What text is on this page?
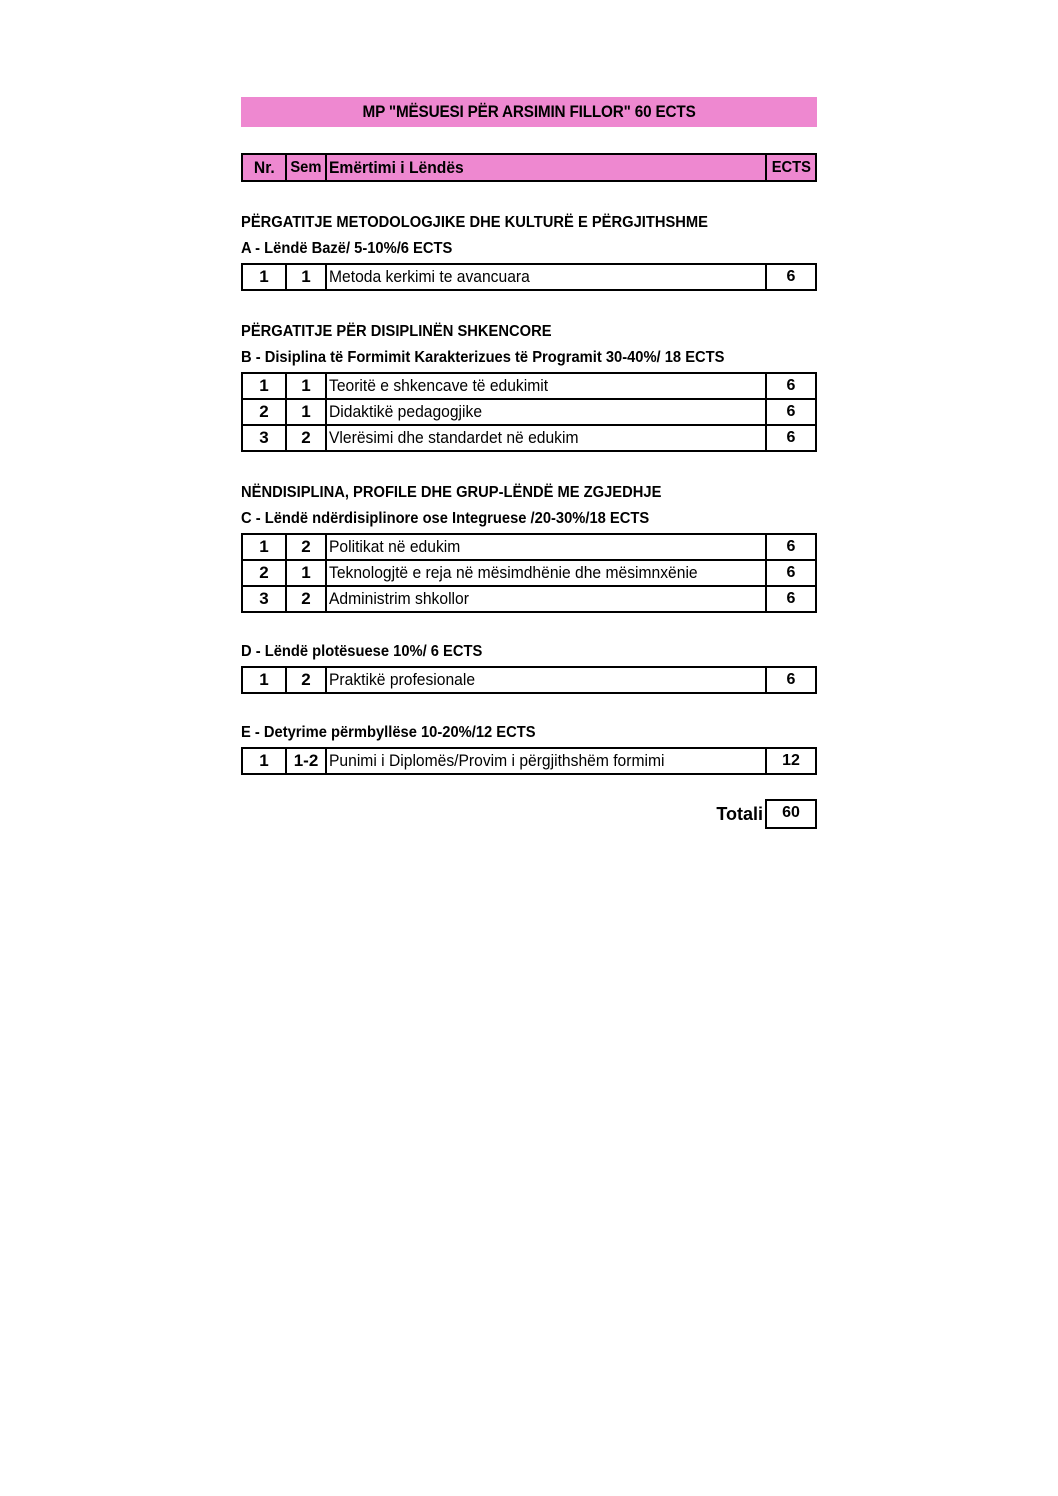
MP "MËSUESI PËR ARSIMIN FILLOR" 60 ECTS
Nr.	Sem	Emërtimi i Lëndës	ECTS
PËRGATITJE METODOLOGJIKE DHE KULTURË E PËRGJITHSHME
A - Lëndë Bazë/ 5-10%/6 ECTS
1	1	Metoda kerkimi te avancuara	6
PËRGATITJE PËR DISIPLINËN SHKENCORE
B - Disiplina të Formimit Karakterizues të Programit 30-40%/ 18 ECTS
1	1	Teoritë e shkencave të edukimit	6
2	1	Didaktikë pedagogjike	6
3	2	Vlerësimi dhe standardet në edukim	6
NËNDISIPLINA, PROFILE DHE GRUP-LËNDË ME ZGJEDHJE
C - Lëndë ndërdisiplinore ose Integruese /20-30%/18 ECTS
1	2	Politikat në edukim	6
2	1	Teknologjtë e reja në mësimdhënie dhe mësimnxënie	6
3	2	Administrim shkollor	6
D - Lëndë plotësuese 10%/ 6 ECTS
1	2	Praktikë profesionale	6
E - Detyrime përmbyllëse 10-20%/12 ECTS
1	1-2	Punimi i Diplomës/Provim i përgjithshëm formimi	12
Totali	60
